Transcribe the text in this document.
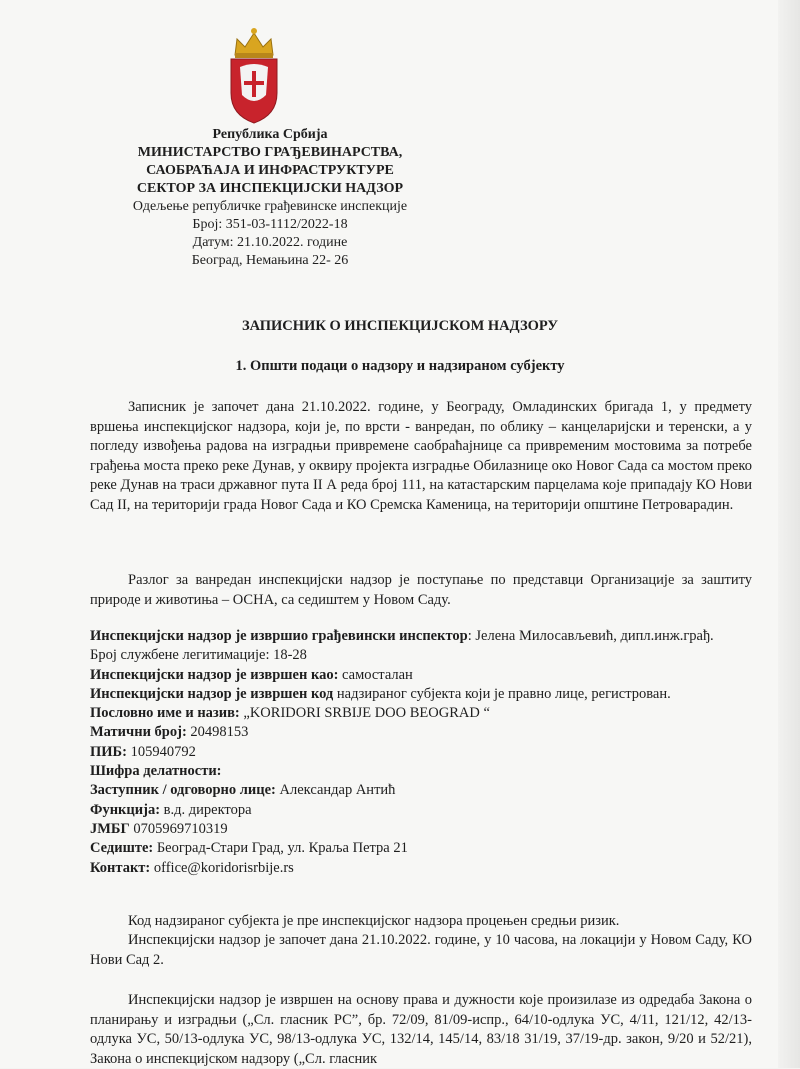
Република Србија
МИНИСТАРСТВО ГРАЂЕВИНАРСТВА,
САОБРАЋАЈА И ИНФРАСТРУКТУРЕ
СЕКТОР ЗА ИНСПЕКЦИЈСКИ НАДЗОР
Одељење републичке грађевинске инспекције
Број: 351-03-1112/2022-18
Датум: 21.10.2022. године
Београд, Немањина 22- 26
ЗАПИСНИК О ИНСПЕКЦИЈСКОМ НАДЗОРУ
1. Општи подаци о надзору и надзираном субјекту
Записник је започет дана 21.10.2022. године, у Београду, Омладинских бригада 1, у предмету вршења инспекцијског надзора, који је, по врсти - ванредан, по облику – канцеларијски и теренски, а у погледу извођења радова на изградњи привремене саобраћајнице са привременим мостовима за потребе грађења моста преко реке Дунав, у оквиру пројекта изградње Обилазнице око Новог Сада са мостом преко реке Дунав на траси државног пута II А реда број 111, на катастарским парцелама које припадају КО Нови Сад II, на територији града Новог Сада и КО Сремска Каменица, на територији општине Петроварадин.
Разлог за ванредан инспекцијски надзор је поступање по представци Организације за заштиту природе и животиња – ОСНА, са седиштем у Новом Саду.
Инспекцијски надзор је извршио грађевински инспектор: Јелена Милосављевић, дипл.инж.грађ.
Број службене легитимације: 18-28
Инспекцијски надзор је извршен као: самосталан
Инспекцијски надзор је извршен код надзираног субјекта који је правно лице, регистрован.
Пословно име и назив: „KORIDORI SRBIJE DOO BEOGRAD “
Матични број: 20498153
ПИБ: 105940792
Шифра делатности:
Заступник / одговорно лице: Александар Антић
Функција: в.д. директора
ЈМБГ 0705969710319
Седиште: Београд-Стари Град, ул. Краља Петра 21
Контакт: office@koridorisrbije.rs
Код надзираног субјекта је пре инспекцијског надзора процењен средњи ризик.
Инспекцијски надзор је започет дана 21.10.2022. године, у 10 часова, на локацији у Новом Саду, КО Нови Сад 2.
Инспекцијски надзор је извршен на основу права и дужности које произилазе из одредаба Закона о планирању и изградњи („Сл. гласник РС”, бр. 72/09, 81/09-испр., 64/10-одлука УС, 4/11, 121/12, 42/13-одлука УС, 50/13-одлука УС, 98/13-одлука УС, 132/14, 145/14, 83/18 31/19, 37/19-др. закон, 9/20 и 52/21), Закона о инспекцијском надзору („Сл. гласник
